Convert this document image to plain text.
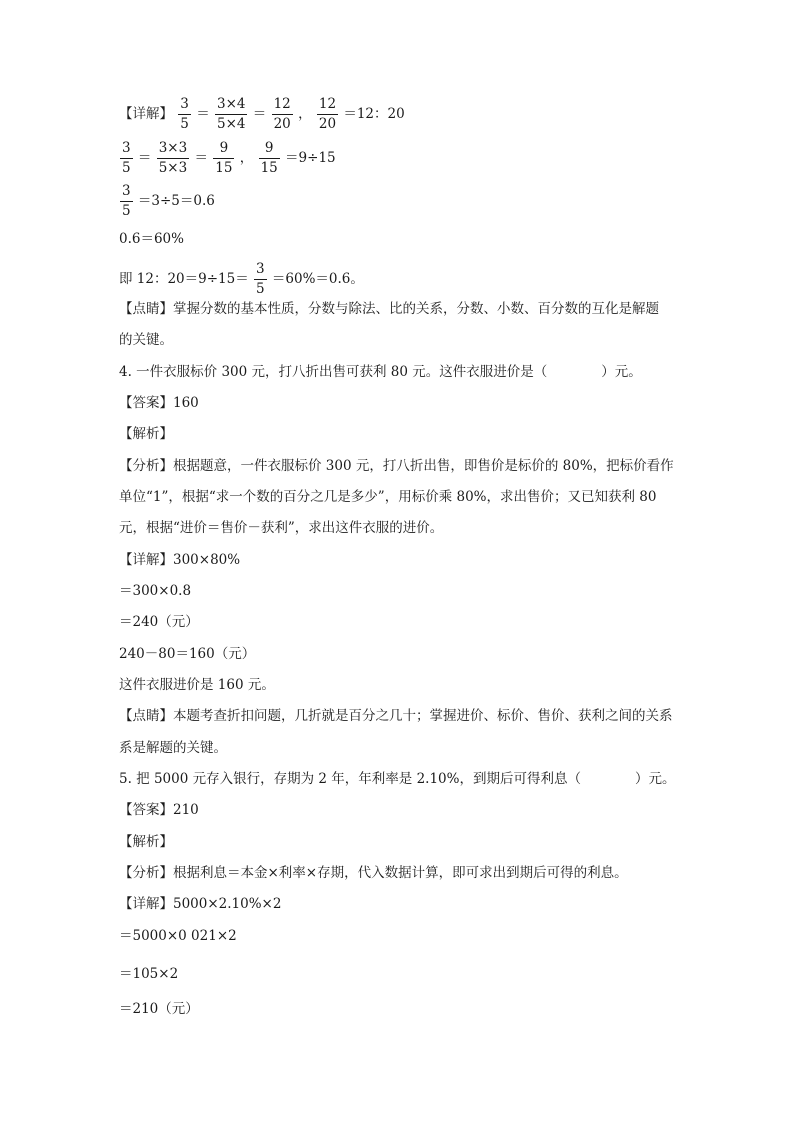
【详解】 $\frac{3}{5} = \frac{3\times 4}{5\times 4} = \frac{12}{20}$ ， $\frac{12}{20} =12$：20
$\frac{3}{5} = \frac{3\times 3}{5\times 3} = \frac{9}{15}$ ， $\frac{9}{15} =9\div 15$
$\frac{3}{5} =3\div 5=0.6$
0.6＝60%
即 12：$20=9\div 15= \frac{3}{5} =60\%=0.6$。
【点睛】掌握分数的基本性质，分数与除法、比的关系，分数、小数、百分数的互化是解题
的关键。
4. 一件衣服标价 300 元，打八折出售可获利 80 元。这件衣服进价是（　　　　）元。
【答案】160
【解析】
【分析】根据题意，一件衣服标价 300 元，打八折出售，即售价是标价的 80%，把标价看作
单位“1”，根据“求一个数的百分之几是多少”，用标价乘 80%，求出售价；又已知获利 80
元，根据“进价＝售价－获利”，求出这件衣服的进价。
【详解】300×80%
＝300×0.8
＝240（元）
240－80＝160（元）
这件衣服进价是 160 元。
【点睛】本题考查折扣问题，几折就是百分之几十；掌握进价、标价、售价、获利之间的关系
系是解题的关键。
5. 把 5000 元存入银行，存期为 2 年，年利率是 2.10%，到期后可得利息（　　　　）元。
【答案】210
【解析】
【分析】根据利息＝本金×利率×存期，代入数据计算，即可求出到期后可得的利息。
【详解】5000×2.10%×2
＝5000×0 021×2
＝105×2
＝210（元）
